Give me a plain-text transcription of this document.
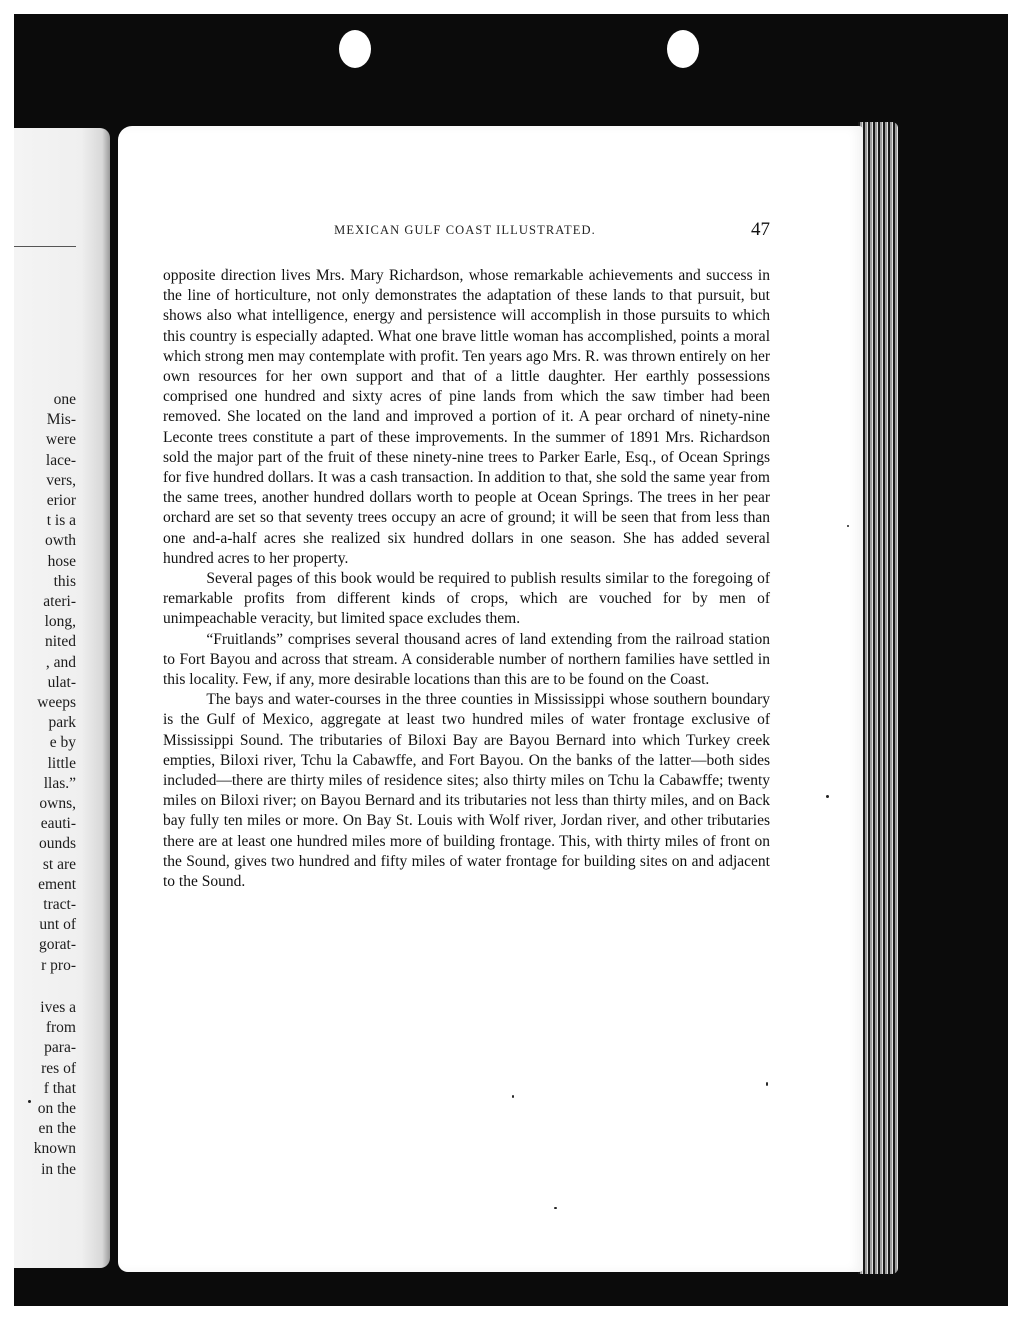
one
Mis-
were
lace-
vers,
erior
t is a
owth
hose
this
ateri-
long,
nited
, and
ulat-
weeps
park
e by
little
llas.”
owns,
eauti-
ounds
st are
ement
tract-
unt of
gorat-
r pro-
ives a
from
para-
res of
f that
on the
en the
known
in the
MEXICAN GULF COAST ILLUSTRATED.	47

opposite direction lives Mrs. Mary Richardson, whose remarkable achievements and success in the line of horticulture, not only demonstrates the adaptation of these lands to that pursuit, but shows also what intelligence, energy and persistence will accomplish in those pursuits to which this country is especially adapted. What one brave little woman has accomplished, points a moral which strong men may contemplate with profit. Ten years ago Mrs. R. was thrown entirely on her own resources for her own support and that of a little daughter. Her earthly possessions comprised one hundred and sixty acres of pine lands from which the saw timber had been removed. She located on the land and improved a portion of it. A pear orchard of ninety-nine Leconte trees constitute a part of these improvements. In the summer of 1891 Mrs. Richardson sold the major part of the fruit of these ninety-nine trees to Parker Earle, Esq., of Ocean Springs for five hundred dollars. It was a cash transaction. In addition to that, she sold the same year from the same trees, another hundred dollars worth to people at Ocean Springs. The trees in her pear orchard are set so that seventy trees occupy an acre of ground; it will be seen that from less than one and-a-half acres she realized six hundred dollars in one season. She has added several hundred acres to her property.

Several pages of this book would be required to publish results similar to the foregoing of remarkable profits from different kinds of crops, which are vouched for by men of unimpeachable veracity, but limited space excludes them.

“Fruitlands” comprises several thousand acres of land extending from the railroad station to Fort Bayou and across that stream. A considerable number of northern families have settled in this locality. Few, if any, more desirable locations than this are to be found on the Coast.

The bays and water-courses in the three counties in Mississippi whose southern boundary is the Gulf of Mexico, aggregate at least two hundred miles of water frontage exclusive of Mississippi Sound. The tributaries of Biloxi Bay are Bayou Bernard into which Turkey creek empties, Biloxi river, Tchu la Cabawffe, and Fort Bayou. On the banks of the latter—both sides included—there are thirty miles of residence sites; also thirty miles on Tchu la Cabawffe; twenty miles on Biloxi river; on Bayou Bernard and its tributaries not less than thirty miles, and on Back bay fully ten miles or more. On Bay St. Louis with Wolf river, Jordan river, and other tributaries there are at least one hundred miles more of building frontage. This, with thirty miles of front on the Sound, gives two hundred and fifty miles of water frontage for building sites on and adjacent to the Sound.
